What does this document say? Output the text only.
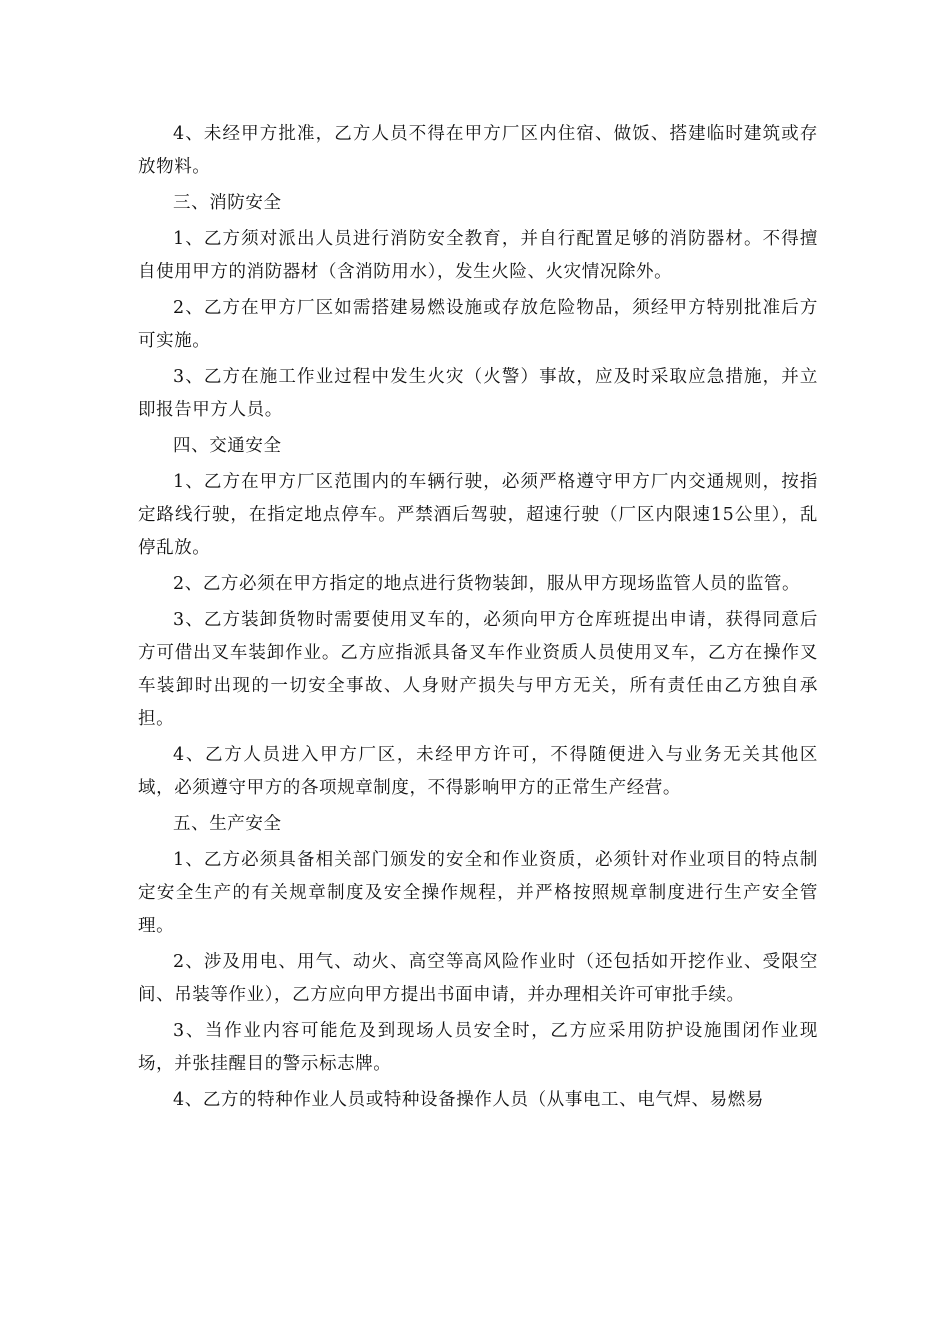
4、未经甲方批准，乙方人员不得在甲方厂区内住宿、做饭、搭建临时建筑或存放物料。

三、消防安全

1、乙方须对派出人员进行消防安全教育，并自行配置足够的消防器材。不得擅自使用甲方的消防器材（含消防用水），发生火险、火灾情况除外。

2、乙方在甲方厂区如需搭建易燃设施或存放危险物品，须经甲方特别批准后方可实施。

3、乙方在施工作业过程中发生火灾（火警）事故，应及时采取应急措施，并立即报告甲方人员。

四、交通安全

1、乙方在甲方厂区范围内的车辆行驶，必须严格遵守甲方厂内交通规则，按指定路线行驶，在指定地点停车。严禁酒后驾驶，超速行驶（厂区内限速15公里），乱停乱放。

2、乙方必须在甲方指定的地点进行货物装卸，服从甲方现场监管人员的监管。

3、乙方装卸货物时需要使用叉车的，必须向甲方仓库班提出申请，获得同意后方可借出叉车装卸作业。乙方应指派具备叉车作业资质人员使用叉车，乙方在操作叉车装卸时出现的一切安全事故、人身财产损失与甲方无关，所有责任由乙方独自承担。

4、乙方人员进入甲方厂区，未经甲方许可，不得随便进入与业务无关其他区域，必须遵守甲方的各项规章制度，不得影响甲方的正常生产经营。

五、生产安全

1、乙方必须具备相关部门颁发的安全和作业资质，必须针对作业项目的特点制定安全生产的有关规章制度及安全操作规程，并严格按照规章制度进行生产安全管理。

2、涉及用电、用气、动火、高空等高风险作业时（还包括如开挖作业、受限空间、吊装等作业），乙方应向甲方提出书面申请，并办理相关许可审批手续。

3、当作业内容可能危及到现场人员安全时，乙方应采用防护设施围闭作业现场，并张挂醒目的警示标志牌。

4、乙方的特种作业人员或特种设备操作人员（从事电工、电气焊、易燃易
